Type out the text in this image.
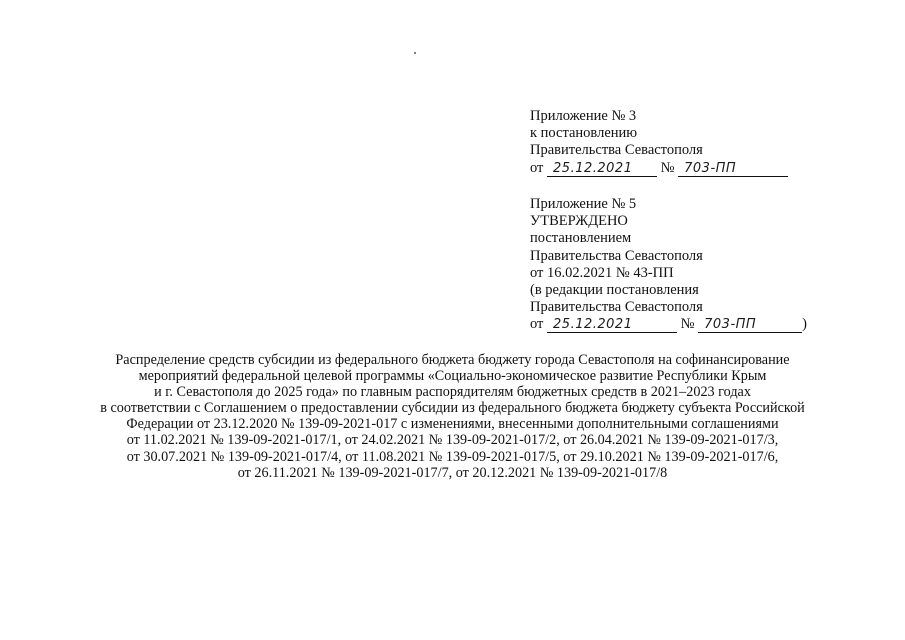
Приложение № 3
к постановлению
Правительства Севастополя
от 25.12.2021 № 703-ПП
Приложение № 5
УТВЕРЖДЕНО
постановлением
Правительства Севастополя
от 16.02.2021 № 43-ПП
(в редакции постановления
Правительства Севастополя
от 25.12.2021	№ 703-ПП	)
Распределение средств субсидии из федерального бюджета бюджету города Севастополя на софинансирование
мероприятий федеральной целевой программы «Социально-экономическое развитие Республики Крым
и г. Севастополя до 2025 года» по главным распорядителям бюджетных средств в 2021–2023 годах
в соответствии с Соглашением о предоставлении субсидии из федерального бюджета бюджету субъекта Российской
Федерации от 23.12.2020 № 139-09-2021-017 с изменениями, внесенными дополнительными соглашениями
от 11.02.2021 № 139-09-2021-017/1, от 24.02.2021 № 139-09-2021-017/2, от 26.04.2021 № 139-09-2021-017/3,
от 30.07.2021 № 139-09-2021-017/4, от 11.08.2021 № 139-09-2021-017/5, от 29.10.2021 № 139-09-2021-017/6,
от 26.11.2021 № 139-09-2021-017/7, от 20.12.2021 № 139-09-2021-017/8
